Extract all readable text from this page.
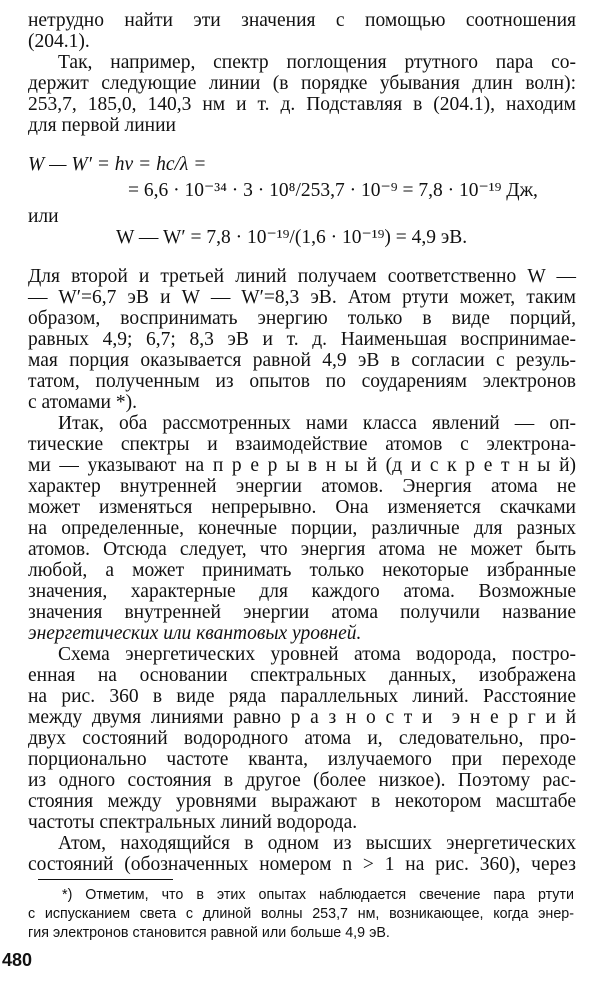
нетрудно найти эти значения с помощью соотношения
(204.1).
Так, например, спектр поглощения ртутного пара со-
держит следующие линии (в порядке убывания длин волн):
253,7, 185,0, 140,3 нм и т. д. Подставляя в (204.1), находим
для первой линии
W — W′ = hν = hc/λ =
= 6,6 · 10⁻³⁴ · 3 · 10⁸/253,7 · 10⁻⁹ = 7,8 · 10⁻¹⁹ Дж,
или
W — W′ = 7,8 · 10⁻¹⁹/(1,6 · 10⁻¹⁹) = 4,9 эВ.
Для второй и третьей линий получаем соответственно W —
— W′=6,7 эВ и W — W′=8,3 эВ. Атом ртути может, таким
образом, воспринимать энергию только в виде порций,
равных 4,9; 6,7; 8,3 эВ и т. д. Наименьшая воспринимае-
мая порция оказывается равной 4,9 эВ в согласии с резуль-
татом, полученным из опытов по соударениям электронов
с атомами *).
Итак, оба рассмотренных нами класса явлений — оп-
тические спектры и взаимодействие атомов с электрона-
ми — указывают на п р е р ы в н ы й (д и с к р е т н ы й)
характер внутренней энергии атомов. Энергия атома не
может изменяться непрерывно. Она изменяется скачками
на определенные, конечные порции, различные для разных
атомов. Отсюда следует, что энергия атома не может быть
любой, а может принимать только некоторые избранные
значения, характерные для каждого атома. Возможные
значения внутренней энергии атома получили название
энергетических или квантовых уровней.
Схема энергетических уровней атома водорода, постро-
енная на основании спектральных данных, изображена
на рис. 360 в виде ряда параллельных линий. Расстояние
между двумя линиями равно р а з н о с т и  э н е р г и й
двух состояний водородного атома и, следовательно, про-
порционально частоте кванта, излучаемого при переходе
из одного состояния в другое (более низкое). Поэтому рас-
стояния между уровнями выражают в некотором масштабе
частоты спектральных линий водорода.
Атом, находящийся в одном из высших энергетических
состояний (обозначенных номером n > 1 на рис. 360), через
*) Отметим, что в этих опытах наблюдается свечение пара ртути
с испусканием света с длиной волны 253,7 нм, возникающее, когда энер-
гия электронов становится равной или больше 4,9 эВ.
480
